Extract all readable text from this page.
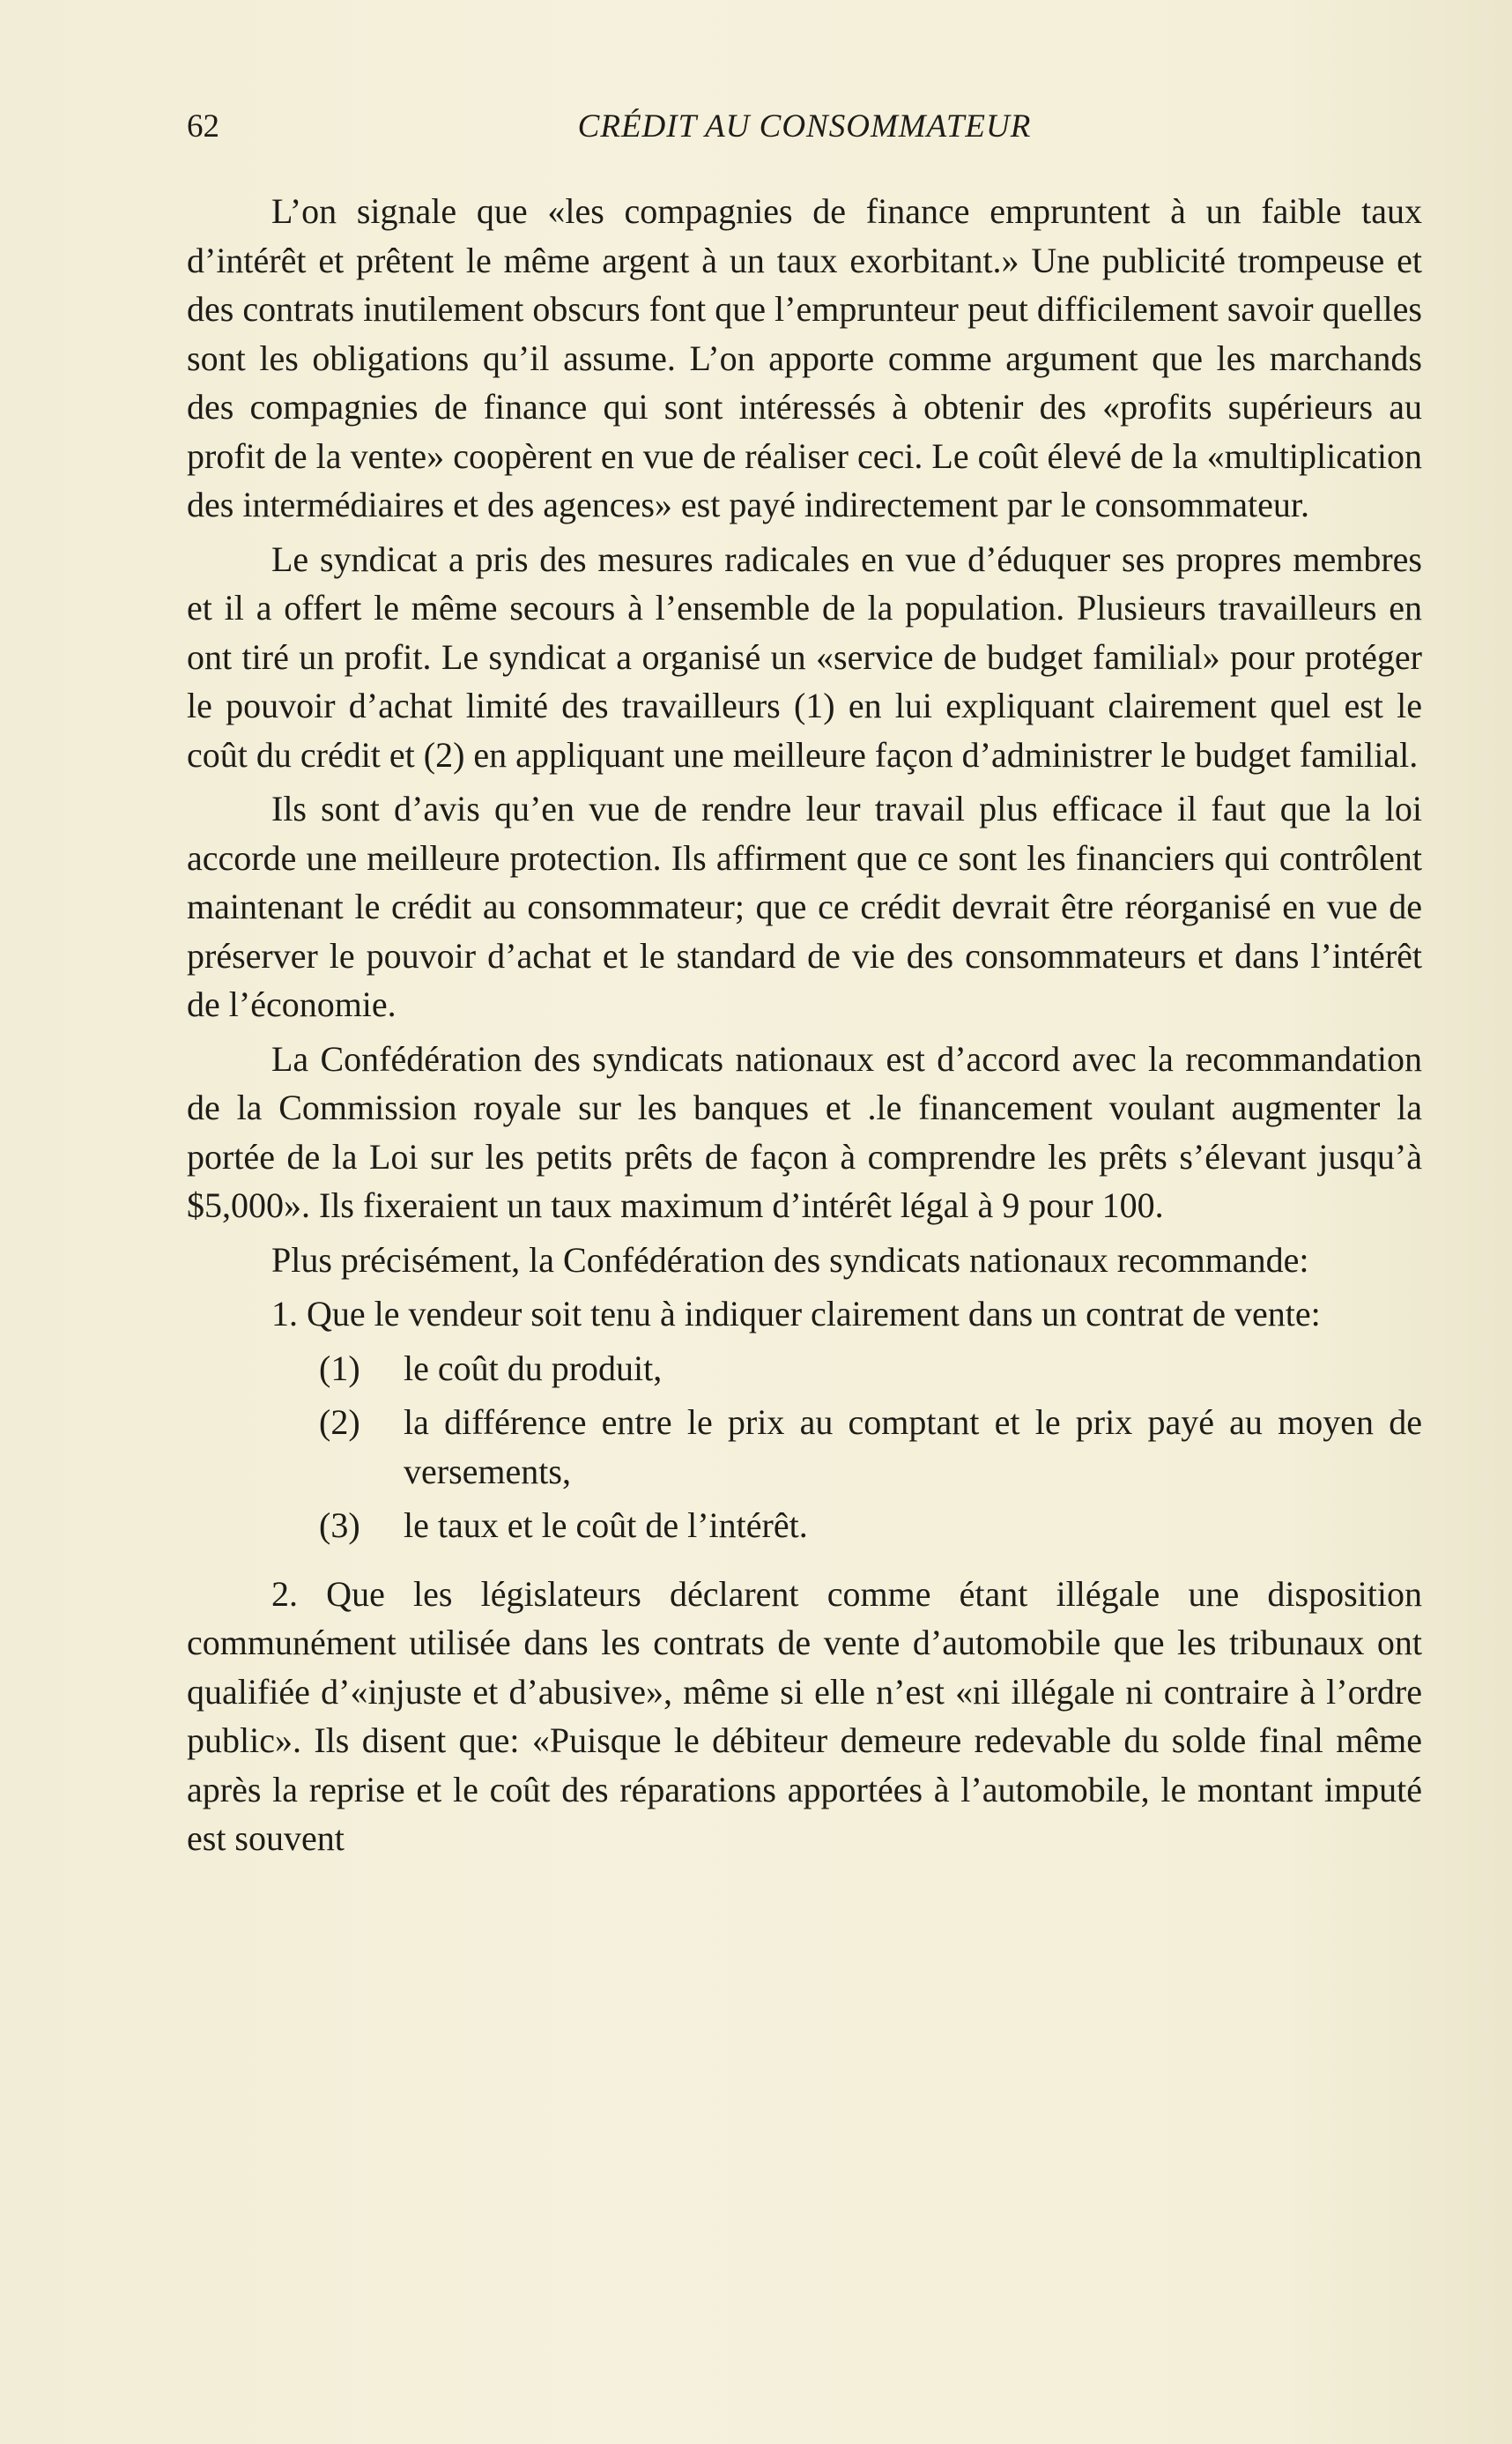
62	CRÉDIT AU CONSOMMATEUR

L’on signale que «les compagnies de finance empruntent à un faible taux d’intérêt et prêtent le même argent à un taux exorbitant.» Une publicité trompeuse et des contrats inutilement obscurs font que l’emprunteur peut difficilement savoir quelles sont les obligations qu’il assume. L’on apporte comme argument que les marchands des compagnies de finance qui sont intéressés à obtenir des «profits supérieurs au profit de la vente» coopèrent en vue de réaliser ceci. Le coût élevé de la «multiplication des intermédiaires et des agences» est payé indirectement par le consommateur.

Le syndicat a pris des mesures radicales en vue d’éduquer ses propres membres et il a offert le même secours à l’ensemble de la population. Plusieurs travailleurs en ont tiré un profit. Le syndicat a organisé un «service de budget familial» pour protéger le pouvoir d’achat limité des travailleurs (1) en lui expliquant clairement quel est le coût du crédit et (2) en appliquant une meilleure façon d’administrer le budget familial.

Ils sont d’avis qu’en vue de rendre leur travail plus efficace il faut que la loi accorde une meilleure protection. Ils affirment que ce sont les financiers qui contrôlent maintenant le crédit au consommateur; que ce crédit devrait être réorganisé en vue de préserver le pouvoir d’achat et le standard de vie des consommateurs et dans l’intérêt de l’économie.

La Confédération des syndicats nationaux est d’accord avec la recommandation de la Commission royale sur les banques et .le financement voulant augmenter la portée de la Loi sur les petits prêts de façon à comprendre les prêts s’élevant jusqu’à $5,000». Ils fixeraient un taux maximum d’intérêt légal à 9 pour 100.

Plus précisément, la Confédération des syndicats nationaux recommande:

1. Que le vendeur soit tenu à indiquer clairement dans un contrat de vente:

(1)	le coût du produit,
(2)	la différence entre le prix au comptant et le prix payé au moyen de versements,
(3)	le taux et le coût de l’intérêt.

2. Que les législateurs déclarent comme étant illégale une disposition communément utilisée dans les contrats de vente d’automobile que les tribunaux ont qualifiée d’«injuste et d’abusive», même si elle n’est «ni illégale ni contraire à l’ordre public». Ils disent que: «Puisque le débiteur demeure redevable du solde final même après la reprise et le coût des réparations apportées à l’automobile, le montant imputé est souvent
